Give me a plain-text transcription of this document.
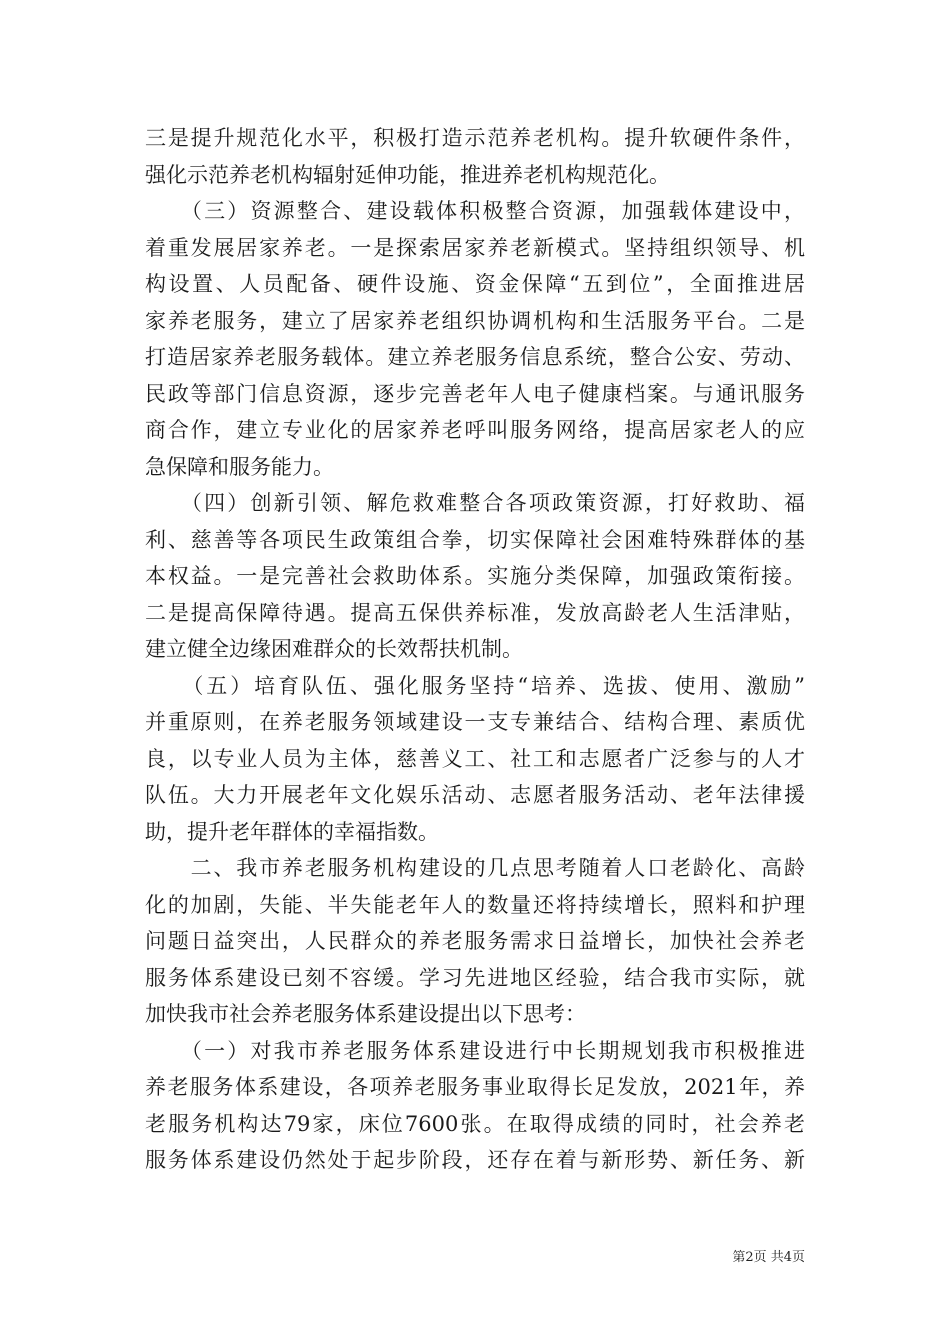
三是提升规范化水平，积极打造示范养老机构。提升软硬件条件，
强化示范养老机构辐射延伸功能，推进养老机构规范化。
　　（三）资源整合、建设载体积极整合资源，加强载体建设中，
着重发展居家养老。一是探索居家养老新模式。坚持组织领导、机
构设置、人员配备、硬件设施、资金保障“五到位”，全面推进居
家养老服务，建立了居家养老组织协调机构和生活服务平台。二是
打造居家养老服务载体。建立养老服务信息系统，整合公安、劳动、
民政等部门信息资源，逐步完善老年人电子健康档案。与通讯服务
商合作，建立专业化的居家养老呼叫服务网络，提高居家老人的应
急保障和服务能力。
　　（四）创新引领、解危救难整合各项政策资源，打好救助、福
利、慈善等各项民生政策组合拳，切实保障社会困难特殊群体的基
本权益。一是完善社会救助体系。实施分类保障，加强政策衔接。
二是提高保障待遇。提高五保供养标准，发放高龄老人生活津贴，
建立健全边缘困难群众的长效帮扶机制。
　　（五）培育队伍、强化服务坚持“培养、选拔、使用、激励”
并重原则，在养老服务领域建设一支专兼结合、结构合理、素质优
良，以专业人员为主体，慈善义工、社工和志愿者广泛参与的人才
队伍。大力开展老年文化娱乐活动、志愿者服务活动、老年法律援
助，提升老年群体的幸福指数。
　　二、我市养老服务机构建设的几点思考随着人口老龄化、高龄
化的加剧，失能、半失能老年人的数量还将持续增长，照料和护理
问题日益突出，人民群众的养老服务需求日益增长，加快社会养老
服务体系建设已刻不容缓。学习先进地区经验，结合我市实际，就
加快我市社会养老服务体系建设提出以下思考：
　　（一）对我市养老服务体系建设进行中长期规划我市积极推进
养老服务体系建设，各项养老服务事业取得长足发放，2021年，养
老服务机构达79家，床位7600张。在取得成绩的同时，社会养老
服务体系建设仍然处于起步阶段，还存在着与新形势、新任务、新
第2页 共4页
